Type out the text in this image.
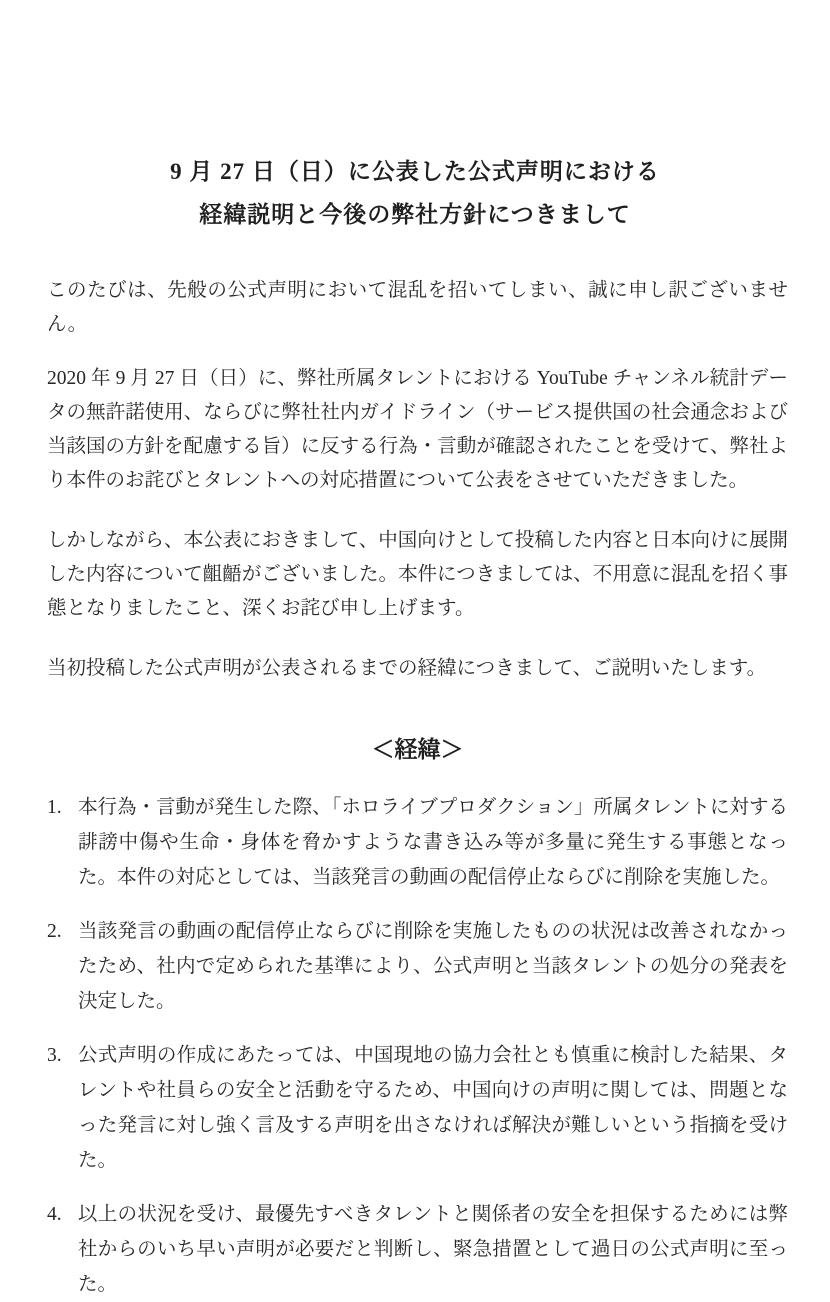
9 月 27 日（日）に公表した公式声明における
経緯説明と今後の弊社方針につきまして

このたびは、先般の公式声明において混乱を招いてしまい、誠に申し訳ございません。

2020 年 9 月 27 日（日）に、弊社所属タレントにおける YouTube チャンネル統計データの無許諾使用、ならびに弊社社内ガイドライン（サービス提供国の社会通念および当該国の方針を配慮する旨）に反する行為・言動が確認されたことを受けて、弊社より本件のお詫びとタレントへの対応措置について公表をさせていただきました。

しかしながら、本公表におきまして、中国向けとして投稿した内容と日本向けに展開した内容について齟齬がございました。本件につきましては、不用意に混乱を招く事態となりましたこと、深くお詫び申し上げます。

当初投稿した公式声明が公表されるまでの経緯につきまして、ご説明いたします。

＜経緯＞
1. 本行為・言動が発生した際、「ホロライブプロダクション」所属タレントに対する誹謗中傷や生命・身体を脅かすような書き込み等が多量に発生する事態となった。本件の対応としては、当該発言の動画の配信停止ならびに削除を実施した。
2. 当該発言の動画の配信停止ならびに削除を実施したものの状況は改善されなかったため、社内で定められた基準により、公式声明と当該タレントの処分の発表を決定した。
3. 公式声明の作成にあたっては、中国現地の協力会社とも慎重に検討した結果、タレントや社員らの安全と活動を守るため、中国向けの声明に関しては、問題となった発言に対し強く言及する声明を出さなければ解決が難しいという指摘を受けた。
4. 以上の状況を受け、最優先すべきタレントと関係者の安全を担保するためには弊社からのいち早い声明が必要だと判断し、緊急措置として過日の公式声明に至った。
